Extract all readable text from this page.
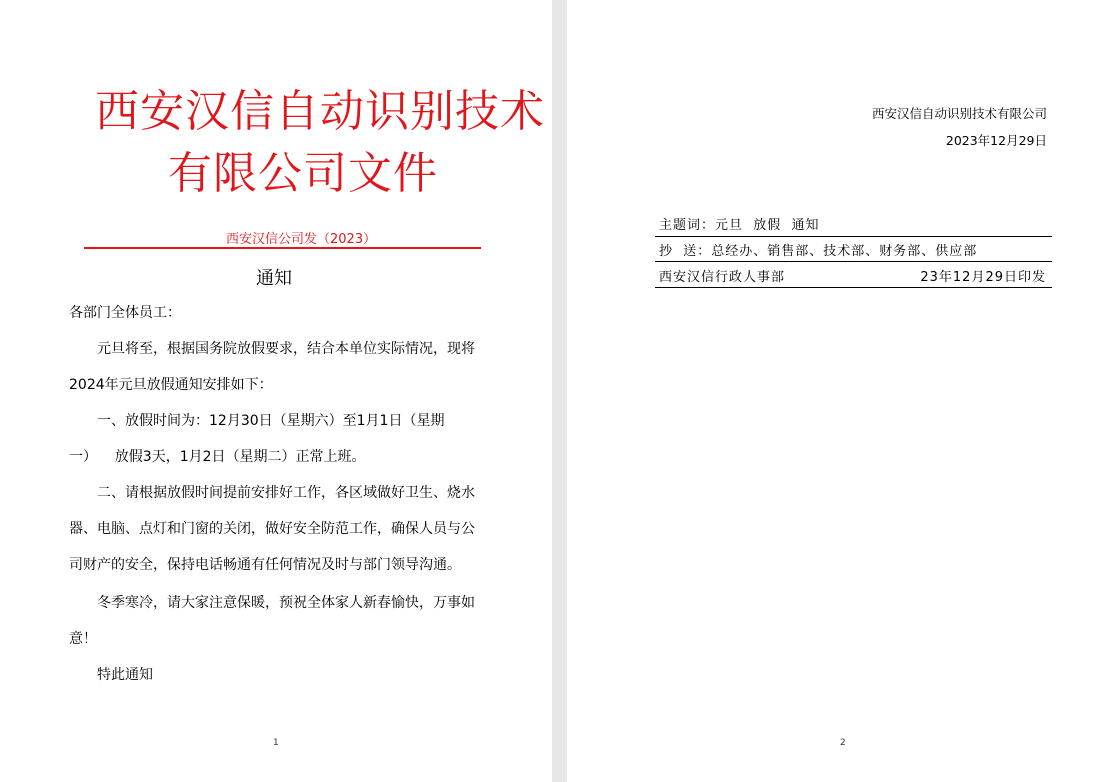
西安汉信自动识别技术
有限公司文件
西安汉信公司发（2023）
通知
各部门全体员工：
元旦将至，根据国务院放假要求，结合本单位实际情况，现将
2024年元旦放假通知安排如下：
一、放假时间为：12月30日（星期六）至1月1日（星期
一）    放假3天，1月2日（星期二）正常上班。
二、请根据放假时间提前安排好工作，各区域做好卫生、烧水
器、电脑、点灯和门窗的关闭，做好安全防范工作，确保人员与公
司财产的安全，保持电话畅通有任何情况及时与部门领导沟通。
冬季寒冷，请大家注意保暖，预祝全体家人新春愉快，万事如
意！
特此通知
1
西安汉信自动识别技术有限公司
2023年12月29日
主题词：元旦  放假  通知
抄  送：总经办、销售部、技术部、财务部、供应部
西安汉信行政人事部	23年12月29日印发
2
